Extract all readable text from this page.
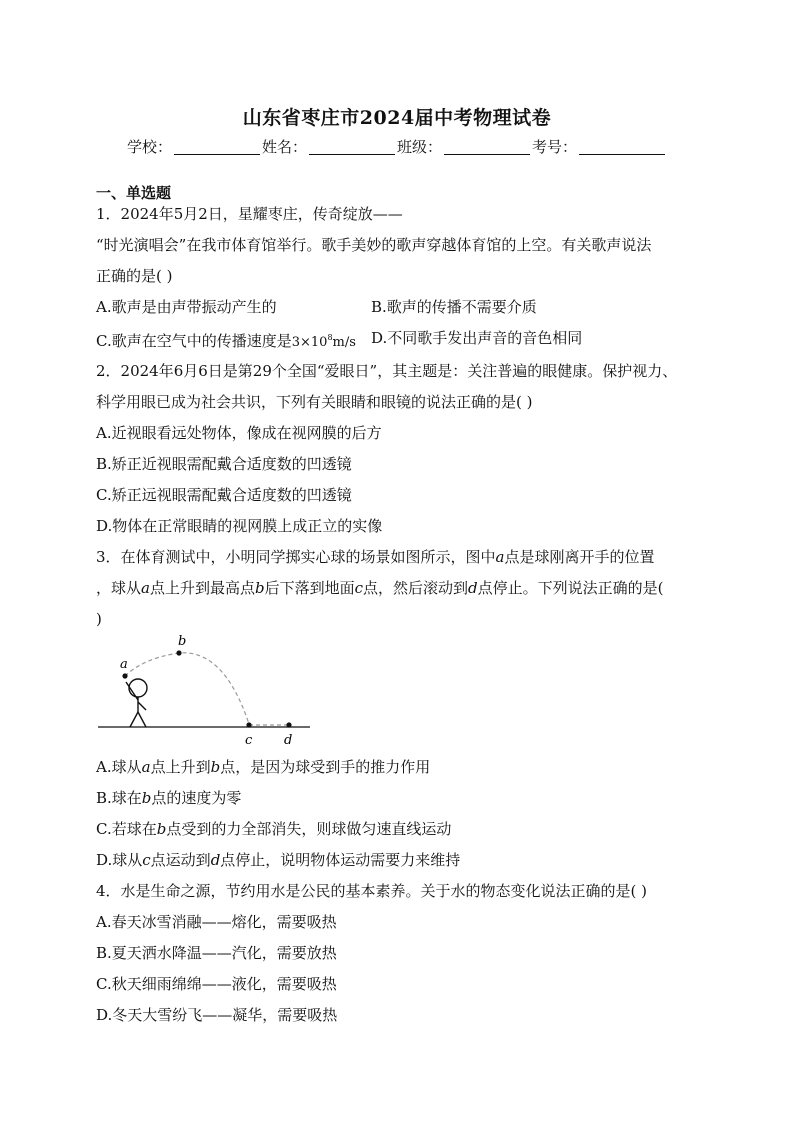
山东省枣庄市2024届中考物理试卷
学校：	姓名：	班级：	考号：
一、单选题
1．2024年5月2日，星耀枣庄，传奇绽放——
“时光演唱会”在我市体育馆举行。歌手美妙的歌声穿越体育馆的上空。有关歌声说法
正确的是( )
A.歌声是由声带振动产生的	B.歌声的传播不需要介质
C.歌声在空气中的传播速度是$3\times 10^8m/s$ D.不同歌手发出声音的音色相同
2．2024年6月6日是第29个全国“爱眼日”，其主题是：关注普遍的眼健康。保护视力、
科学用眼已成为社会共识，下列有关眼睛和眼镜的说法正确的是( )
A.近视眼看远处物体，像成在视网膜的后方
B.矫正近视眼需配戴合适度数的凹透镜
C.矫正远视眼需配戴合适度数的凹透镜
D.物体在正常眼睛的视网膜上成正立的实像
3．在体育测试中，小明同学掷实心球的场景如图所示，图中a点是球刚离开手的位置
，球从a点上升到最高点b后下落到地面c点，然后滚动到d点停止。下列说法正确的是(
)
a
b
c d
A.球从a点上升到b点，是因为球受到手的推力作用
B.球在b点的速度为零
C.若球在b点受到的力全部消失，则球做匀速直线运动
D.球从c点运动到d点停止，说明物体运动需要力来维持
4．水是生命之源，节约用水是公民的基本素养。关于水的物态变化说法正确的是( )
A.春天冰雪消融——熔化，需要吸热
B.夏天洒水降温——汽化，需要放热
C.秋天细雨绵绵——液化，需要吸热
D.冬天大雪纷飞——凝华，需要吸热
